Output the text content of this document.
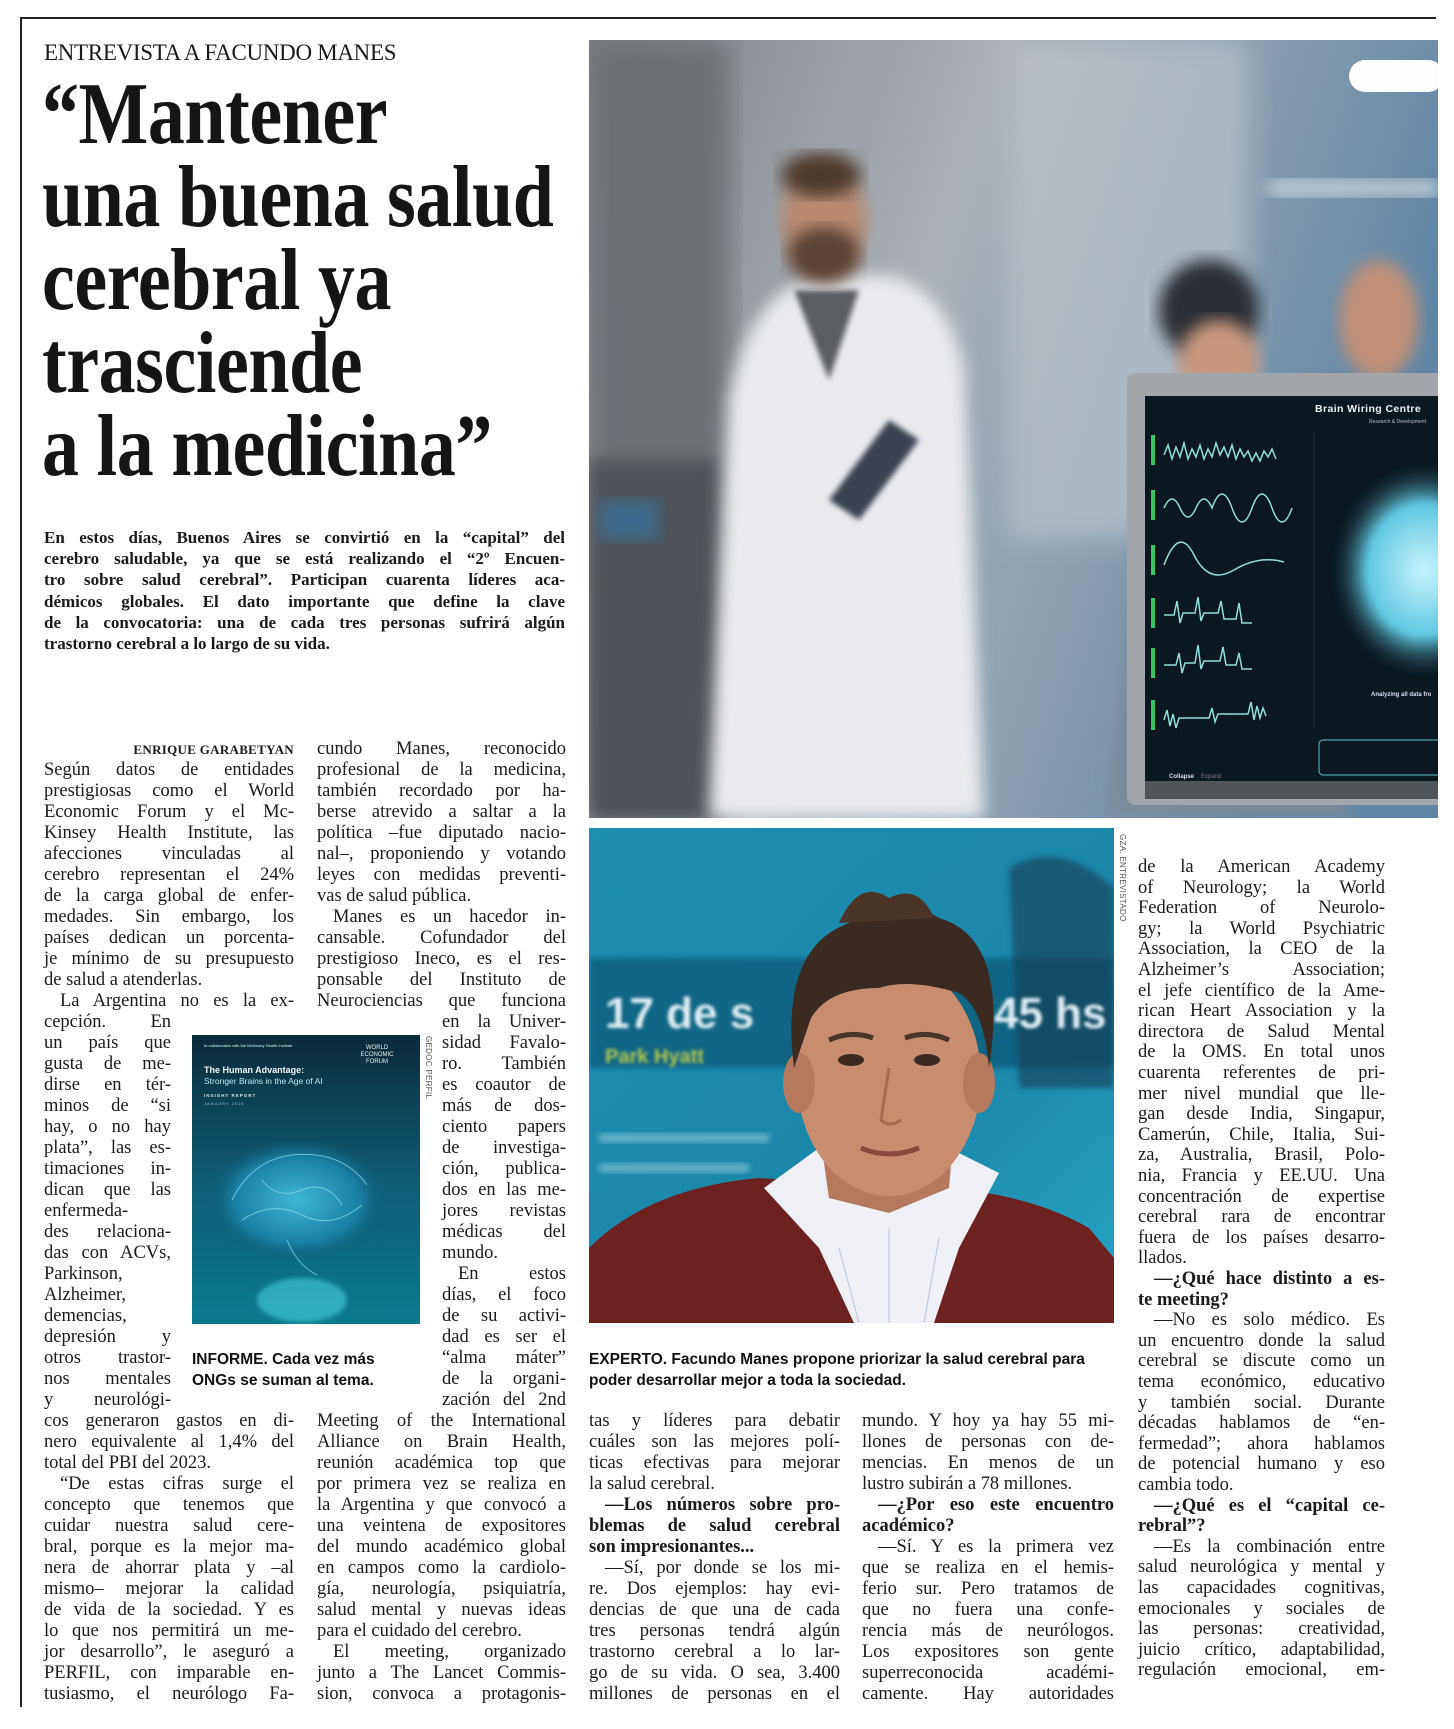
ENTREVISTA A FACUNDO MANES
“Mantener
una buena salud
cerebral ya
trasciende
a la medicina”
En estos días, Buenos Aires se convirtió en la “capital” del
cerebro saludable, ya que se está realizando el “2º Encuen-
tro sobre salud cerebral”. Participan cuarenta líderes aca-
démicos globales. El dato importante que define la clave
de la convocatoria: una de cada tres personas sufrirá algún
trastorno cerebral a lo largo de su vida.
Brain Wiring Centre
Research & Development
Analyzing all data fro
Collapse Expand
17 de s	45 hs
Park Hyatt
GZA. ENTREVISTADO
EXPERTO. Facundo Manes propone priorizar la salud cerebral para poder desarrollar mejor a toda la sociedad.
In collaboration with the McKinsey Health Institute	WORLD
ECONOMIC
FORUM
The Human Advantage:
Stronger Brains in the Age of AI
INSIGHT REPORT
JANUARY 2026
GEDOC PERFIL
INFORME. Cada vez más ONGs se suman al tema.
ENRIQUE GARABETYAN
Según datos de entidades
prestigiosas como el World
Economic Forum y el Mc-
Kinsey Health Institute, las
afecciones vinculadas al
cerebro representan el 24%
de la carga global de enfer-
medades. Sin embargo, los
países dedican un porcenta-
je mínimo de su presupuesto
de salud a atenderlas.
La Argentina no es la ex-
cepción. En
un país que
gusta de me-
dirse en tér-
minos de “si
hay, o no hay
plata”, las es-
timaciones in-
dican que las
enfermeda-
des relaciona-
das con ACVs,
Parkinson,
Alzheimer,
demencias,
depresión y
otros trastor-
nos mentales
y neurológi-
cos generaron gastos en di-
nero equivalente al 1,4% del
total del PBI del 2023.
“De estas cifras surge el
concepto que tenemos que
cuidar nuestra salud cere-
bral, porque es la mejor ma-
nera de ahorrar plata y –al
mismo– mejorar la calidad
de vida de la sociedad. Y es
lo que nos permitirá un me-
jor desarrollo”, le aseguró a
PERFIL, con imparable en-
tusiasmo, el neurólogo Fa-
cundo Manes, reconocido
profesional de la medicina,
también recordado por ha-
berse atrevido a saltar a la
política –fue diputado nacio-
nal–, proponiendo y votando
leyes con medidas preventi-
vas de salud pública.
Manes es un hacedor in-
cansable. Cofundador del
prestigioso Ineco, es el res-
ponsable del Instituto de
Neurociencias que funciona
en la Univer-
sidad Favalo-
ro. También
es coautor de
más de dos-
ciento papers
de investiga-
ción, publica-
dos en las me-
jores revistas
médicas del
mundo.
En estos
días, el foco
de su activi-
dad es ser el
“alma máter”
de la organi-
zación del 2nd
Meeting of the International
Alliance on Brain Health,
reunión académica top que
por primera vez se realiza en
la Argentina y que convocó a
una veintena de expositores
del mundo académico global
en campos como la cardiolo-
gía, neurología, psiquiatría,
salud mental y nuevas ideas
para el cuidado del cerebro.
El meeting, organizado
junto a The Lancet Commis-
sion, convoca a protagonis-
tas y líderes para debatir
cuáles son las mejores polí-
ticas efectivas para mejorar
la salud cerebral.
—Los números sobre pro-
blemas de salud cerebral
son impresionantes...
—Sí, por donde se los mi-
re. Dos ejemplos: hay evi-
dencias de que una de cada
tres personas tendrá algún
trastorno cerebral a lo lar-
go de su vida. O sea, 3.400
millones de personas en el
mundo. Y hoy ya hay 55 mi-
llones de personas con de-
mencias. En menos de un
lustro subirán a 78 millones.
—¿Por eso este encuentro
académico?
—Sí. Y es la primera vez
que se realiza en el hemis-
ferio sur. Pero tratamos de
que no fuera una confe-
rencia más de neurólogos.
Los expositores son gente
superreconocida académi-
camente. Hay autoridades
de la American Academy
of Neurology; la World
Federation of Neurolo-
gy; la World Psychiatric
Association, la CEO de la
Alzheimer’s Association;
el jefe científico de la Ame-
rican Heart Association y la
directora de Salud Mental
de la OMS. En total unos
cuarenta referentes de pri-
mer nivel mundial que lle-
gan desde India, Singapur,
Camerún, Chile, Italia, Sui-
za, Australia, Brasil, Polo-
nia, Francia y EE.UU. Una
concentración de expertise
cerebral rara de encontrar
fuera de los países desarro-
llados.
—¿Qué hace distinto a es-
te meeting?
—No es solo médico. Es
un encuentro donde la salud
cerebral se discute como un
tema económico, educativo
y también social. Durante
décadas hablamos de “en-
fermedad”; ahora hablamos
de potencial humano y eso
cambia todo.
—¿Qué es el “capital ce-
rebral”?
—Es la combinación entre
salud neurológica y mental y
las capacidades cognitivas,
emocionales y sociales de
las personas: creatividad,
juicio crítico, adaptabilidad,
regulación emocional, em-
